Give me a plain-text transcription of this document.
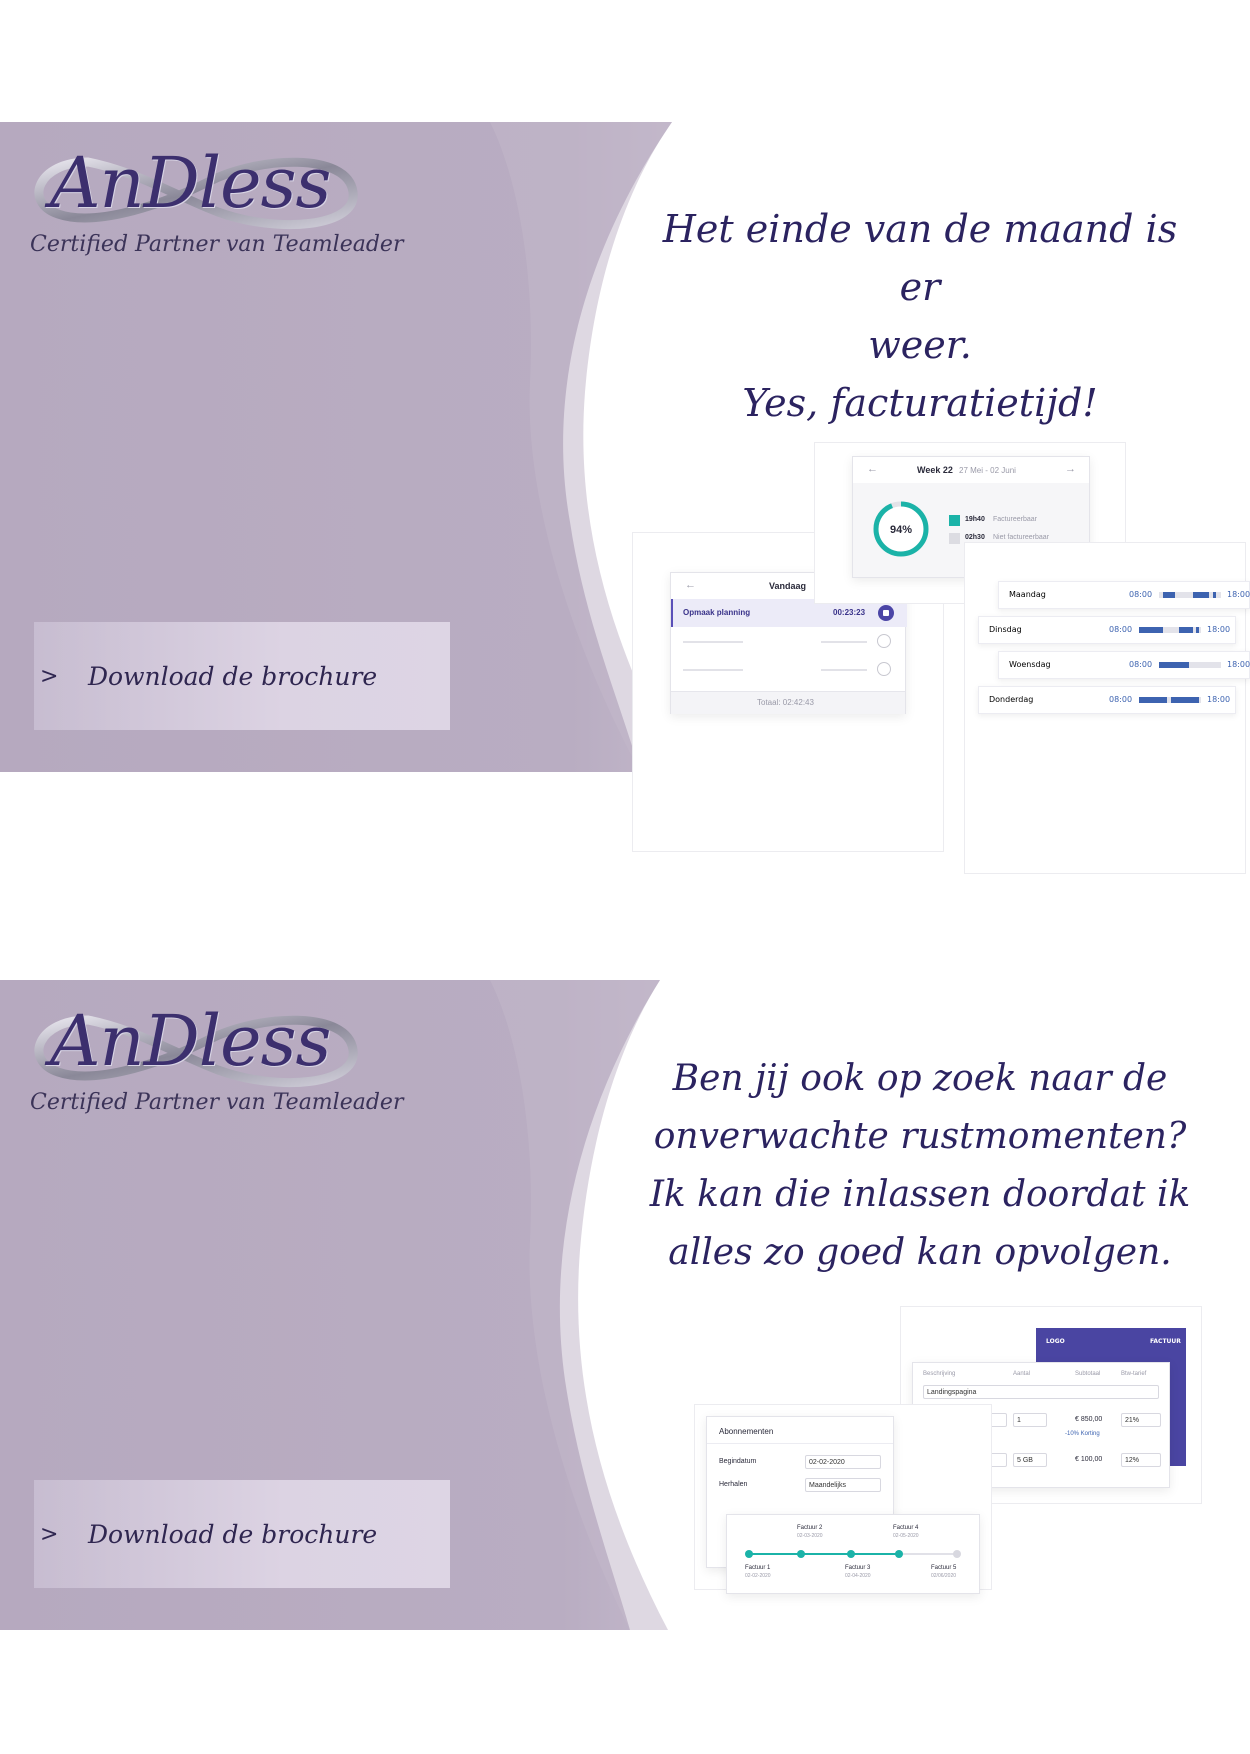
AnDless
Certified Partner van Teamleader
> Download de brochure
Het einde van de maand is er
weer.
Yes, facturatietijd!
←	Vandaag
Opmaak planning	00:23:23
Totaal: 02:42:43
←	Week 22 27 Mei - 02 Juni	→
94%
19h40 Factureerbaar
02h30 Niet factureerbaar
Maandag	08:00	18:00
Dinsdag	08:00	18:00
Woensdag	08:00	18:00
Donderdag	08:00	18:00
AnDless
Certified Partner van Teamleader
> Download de brochure
Ben jij ook op zoek naar de
onverwachte rustmomenten?
Ik kan die inlassen doordat ik
alles zo goed kan opvolgen.
LOGO	FACTUUR
Beschrijving	Aantal	Subtotaal	Btw-tarief
Landingspagina
1	€ 850,00	21%
-10% Korting
5 GB	€ 100,00	12%
Abonnementen
Begindatum	02-02-2020
Herhalen	Maandelijks
Factuur 2
02-03-2020
Factuur 4
02-05-2020
Factuur 1
02-02-2020
Factuur 3
02-04-2020
Factuur 5
02/06/2020
